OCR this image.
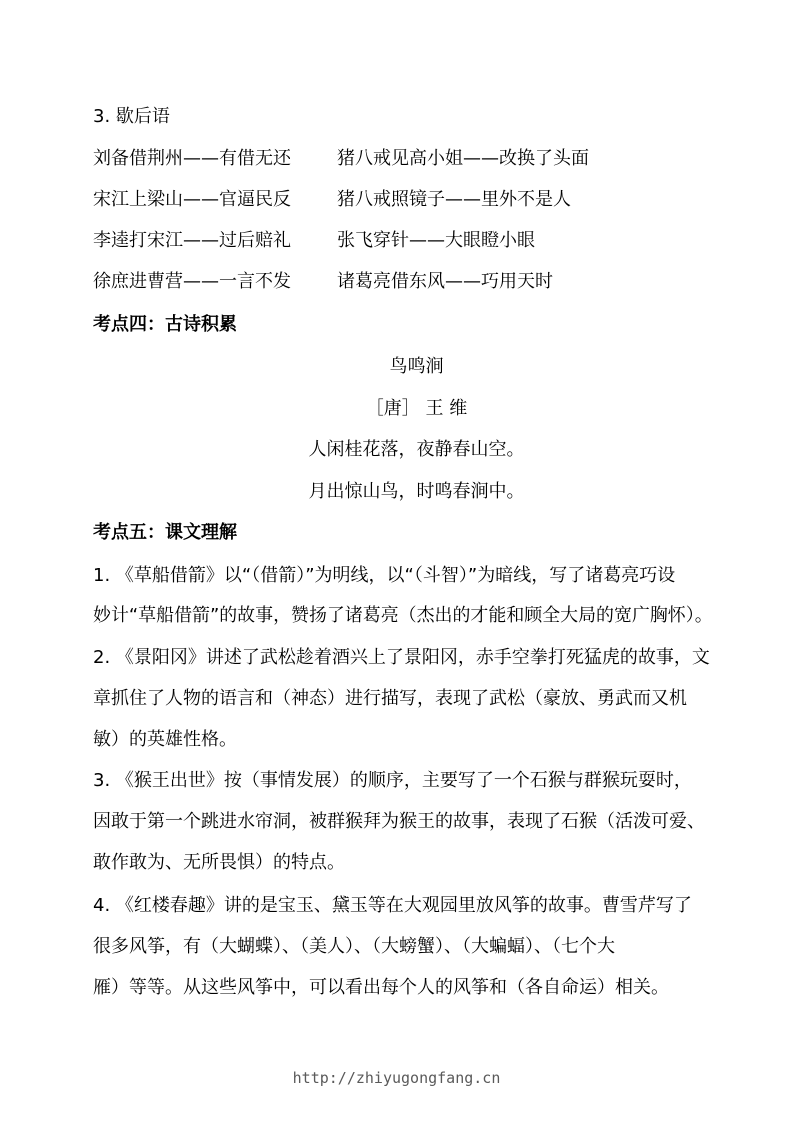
3. 歇后语
刘备借荆州——有借无还	猪八戒见高小姐——改换了头面
宋江上梁山——官逼民反	猪八戒照镜子——里外不是人
李逵打宋江——过后赔礼	张飞穿针——大眼瞪小眼
徐庶进曹营——一言不发	诸葛亮借东风——巧用天时
考点四：古诗积累
鸟鸣涧
［唐］ 王 维
人闲桂花落，夜静春山空。
月出惊山鸟，时鸣春涧中。
考点五：课文理解
1. 《草船借箭》以“（借箭）”为明线，以“（斗智）”为暗线，写了诸葛亮巧设
妙计“草船借箭”的故事，赞扬了诸葛亮（杰出的才能和顾全大局的宽广胸怀）。
2. 《景阳冈》讲述了武松趁着酒兴上了景阳冈，赤手空拳打死猛虎的故事，文
章抓住了人物的语言和（神态）进行描写，表现了武松（豪放、勇武而又机
敏）的英雄性格。
3. 《猴王出世》按（事情发展）的顺序，主要写了一个石猴与群猴玩耍时，
因敢于第一个跳进水帘洞，被群猴拜为猴王的故事，表现了石猴（活泼可爱、
敢作敢为、无所畏惧）的特点。
4. 《红楼春趣》讲的是宝玉、黛玉等在大观园里放风筝的故事。曹雪芹写了
很多风筝，有（大蝴蝶）、（美人）、（大螃蟹）、（大蝙蝠）、（七个大
雁）等等。从这些风筝中，可以看出每个人的风筝和（各自命运）相关。
http://zhiyugongfang.cn
